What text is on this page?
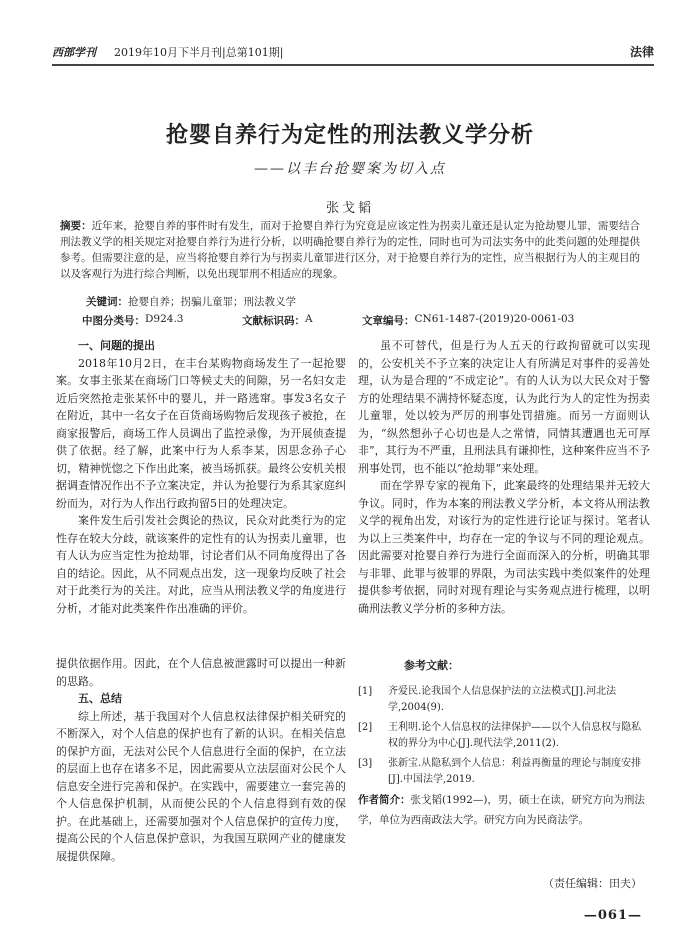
西部学刊 2019年10月下半月刊|总第101期|	法律
抢婴自养行为定性的刑法教义学分析
——以丰台抢婴案为切入点
张戈韬
摘要：近年来，抢婴自养的事件时有发生，而对于抢婴自养行为究竟是应该定性为拐卖儿童还是认定为抢劫婴儿罪，需要结合刑法教义学的相关规定对抢婴自养行为进行分析，以明确抢婴自养行为的定性，同时也可为司法实务中的此类问题的处理提供参考。但需要注意的是，应当将抢婴自养行为与拐卖儿童罪进行区分，对于抢婴自养行为的定性，应当根据行为人的主观目的以及客观行为进行综合判断，以免出现罪刑不相适应的现象。
关键词：抢婴自养；拐骗儿童罪；刑法教义学
中图分类号： D924.3	文献标识码： A	文章编号： CN61-1487-(2019)20-0061-03

一、问题的提出

2018年10月2日，在丰台某购物商场发生了一起抢婴案。女事主张某在商场门口等候丈夫的间隙，另一名妇女走近后突然抢走张某怀中的婴儿，并一路逃窜。事发3名女子在附近，其中一名女子在百货商场购物后发现孩子被抢，在商家报警后，商场工作人员调出了监控录像，为开展侦查提供了依据。经了解，此案中行为人系李某，因思念孙子心切，精神恍惚之下作出此案，被当场抓获。最终公安机关根据调查情况作出不予立案决定，并认为抢婴行为系其家庭纠纷而为，对行为人作出行政拘留5日的处理决定。

案件发生后引发社会舆论的热议，民众对此类行为的定性存在较大分歧，就该案件的定性有的认为拐卖儿童罪，也有人认为应当定性为抢劫罪，讨论者们从不同角度得出了各自的结论。因此，从不同观点出发，这一现象均反映了社会对于此类行为的关注。对此，应当从刑法教义学的角度进行分析，才能对此类案件作出准确的评价。

虽不可替代，但是行为人五天的行政拘留就可以实现的，公安机关不予立案的决定让人有所满足对事件的妥善处理，认为是合理的“不成定论”。有的人认为以大民众对于警方的处理结果不满持怀疑态度，认为此行为人的定性为拐卖儿童罪，处以较为严厉的刑事处罚措施。而另一方面则认为，“纵然想孙子心切也是人之常情，同情其遭遇也无可厚非”，其行为不严重，且刑法具有谦抑性，这种案件应当不予刑事处罚，也不能以“抢劫罪”来处理。

而在学界专家的视角下，此案最终的处理结果并无较大争议。同时，作为本案的刑法教义学分析，本文将从刑法教义学的视角出发，对该行为的定性进行论证与探讨。笔者认为以上三类案件中，均存在一定的争议与不同的理论观点。因此需要对抢婴自养行为进行全面而深入的分析，明确其罪与非罪、此罪与彼罪的界限，为司法实践中类似案件的处理提供参考依据，同时对现有理论与实务观点进行梳理，以明确刑法教义学分析的多种方法。

提供依据作用。因此，在个人信息被泄露时可以提出一种新的思路。

五、总结

综上所述，基于我国对个人信息权法律保护相关研究的不断深入，对个人信息的保护也有了新的认识。在相关信息的保护方面，无法对公民个人信息进行全面的保护，在立法的层面上也存在诸多不足，因此需要从立法层面对公民个人信息安全进行完善和保护。在实践中，需要建立一套完善的个人信息保护机制，从而使公民的个人信息得到有效的保护。在此基础上，还需要加强对个人信息保护的宣传力度，提高公民的个人信息保护意识，为我国互联网产业的健康发展提供保障。

参考文献：
[1]	齐爱民.论我国个人信息保护法的立法模式[J].河北法学,2004(9).
[2]	王利明.论个人信息权的法律保护——以个人信息权与隐私权的界分为中心[J].现代法学,2011(2).
[3]	张新宝.从隐私到个人信息：利益再衡量的理论与制度安排[J].中国法学,2019.
作者简介：张戈韬(1992—)，男，硕士在读，研究方向为刑法学，单位为西南政法大学。研究方向为民商法学。
（责任编辑：田夫）
—061—
